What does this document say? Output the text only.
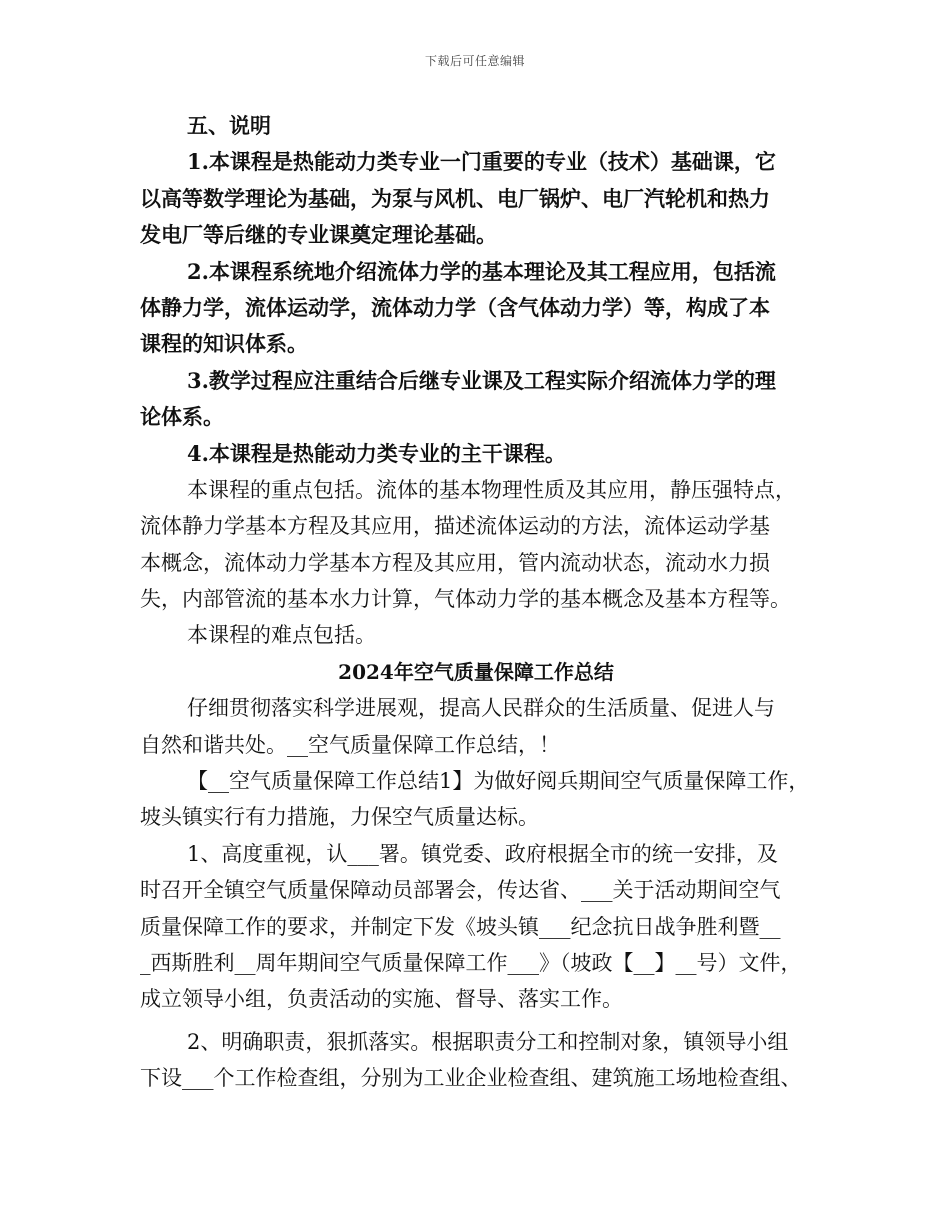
下载后可任意编辑
五、说明
1.本课程是热能动力类专业一门重要的专业（技术）基础课，它
以高等数学理论为基础，为泵与风机、电厂锅炉、电厂汽轮机和热力
发电厂等后继的专业课奠定理论基础。
2.本课程系统地介绍流体力学的基本理论及其工程应用，包括流
体静力学，流体运动学，流体动力学（含气体动力学）等，构成了本
课程的知识体系。
3.教学过程应注重结合后继专业课及工程实际介绍流体力学的理
论体系。
4.本课程是热能动力类专业的主干课程。
本课程的重点包括。流体的基本物理性质及其应用，静压强特点，
流体静力学基本方程及其应用，描述流体运动的方法，流体运动学基
本概念，流体动力学基本方程及其应用，管内流动状态，流动水力损
失，内部管流的基本水力计算，气体动力学的基本概念及基本方程等。
本课程的难点包括。
2024年空气质量保障工作总结
仔细贯彻落实科学进展观，提高人民群众的生活质量、促进人与
自然和谐共处。__空气质量保障工作总结，！
【__空气质量保障工作总结1】为做好阅兵期间空气质量保障工作，
坡头镇实行有力措施，力保空气质量达标。
1、高度重视，认___署。镇党委、政府根据全市的统一安排，及
时召开全镇空气质量保障动员部署会，传达省、___关于活动期间空气
质量保障工作的要求，并制定下发《坡头镇___纪念抗日战争胜利暨__
_西斯胜利__周年期间空气质量保障工作___》（坡政【__】__号）文件，
成立领导小组，负责活动的实施、督导、落实工作。
2、明确职责，狠抓落实。根据职责分工和控制对象，镇领导小组
下设___个工作检查组，分别为工业企业检查组、建筑施工场地检查组、
